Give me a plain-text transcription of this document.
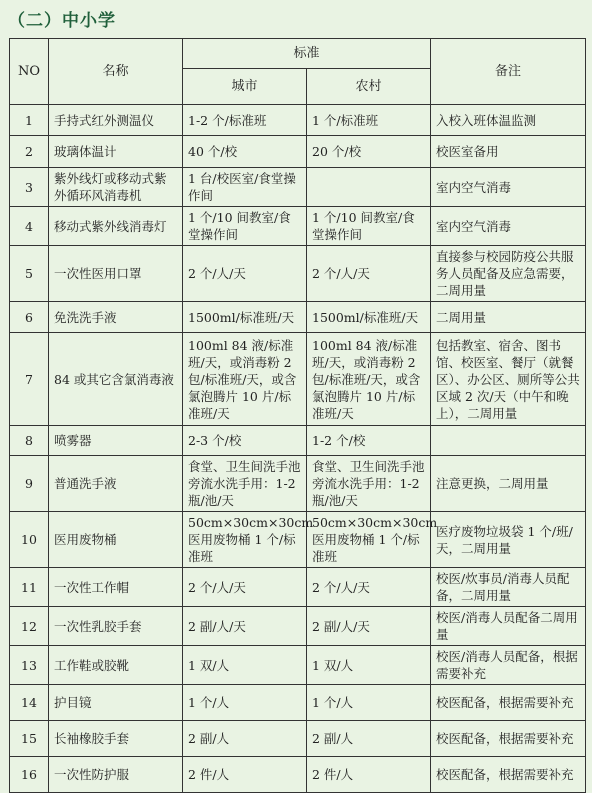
（二）中小学
NO	名称	标准		备注
		城市	农村	
1	手持式红外测温仪	1-2 个/标准班	1 个/标准班	入校入班体温监测
2	玻璃体温计	40 个/校	20 个/校	校医室备用
3	紫外线灯或移动式紫外循环风消毒机	1 台/校医室/食堂操作间		室内空气消毒
4	移动式紫外线消毒灯	1 个/10 间教室/食堂操作间	1 个/10 间教室/食堂操作间	室内空气消毒
5	一次性医用口罩	2 个/人/天	2 个/人/天	直接参与校园防疫公共服务人员配备及应急需要，二周用量
6	免洗洗手液	1500ml/标准班/天	1500ml/标准班/天	二周用量
7	84 或其它含氯消毒液	100ml 84 液/标准班/天，或消毒粉 2 包/标准班/天，或含氯泡腾片 10 片/标准班/天	100ml 84 液/标准班/天，或消毒粉 2 包/标准班/天，或含氯泡腾片 10 片/标准班/天	包括教室、宿舍、图书馆、校医室、餐厅（就餐区）、办公区、厕所等公共区域 2 次/天（中午和晚上），二周用量
8	喷雾器	2-3 个/校	1-2 个/校	
9	普通洗手液	食堂、卫生间洗手池旁流水洗手用：1-2 瓶/池/天	食堂、卫生间洗手池旁流水洗手用：1-2 瓶/池/天	注意更换，二周用量
10	医用废物桶	50cm×30cm×30cm 医用废物桶 1 个/标准班	50cm×30cm×30cm 医用废物桶 1 个/标准班	医疗废物垃圾袋 1 个/班/天，二周用量
11	一次性工作帽	2 个/人/天	2 个/人/天	校医/炊事员/消毒人员配备，二周用量
12	一次性乳胶手套	2 副/人/天	2 副/人/天	校医/消毒人员配备二周用量
13	工作鞋或胶靴	1 双/人	1 双/人	校医/消毒人员配备，根据需要补充
14	护目镜	1 个/人	1 个/人	校医配备，根据需要补充
15	长袖橡胶手套	2 副/人	2 副/人	校医配备，根据需要补充
16	一次性防护服	2 件/人	2 件/人	校医配备，根据需要补充
